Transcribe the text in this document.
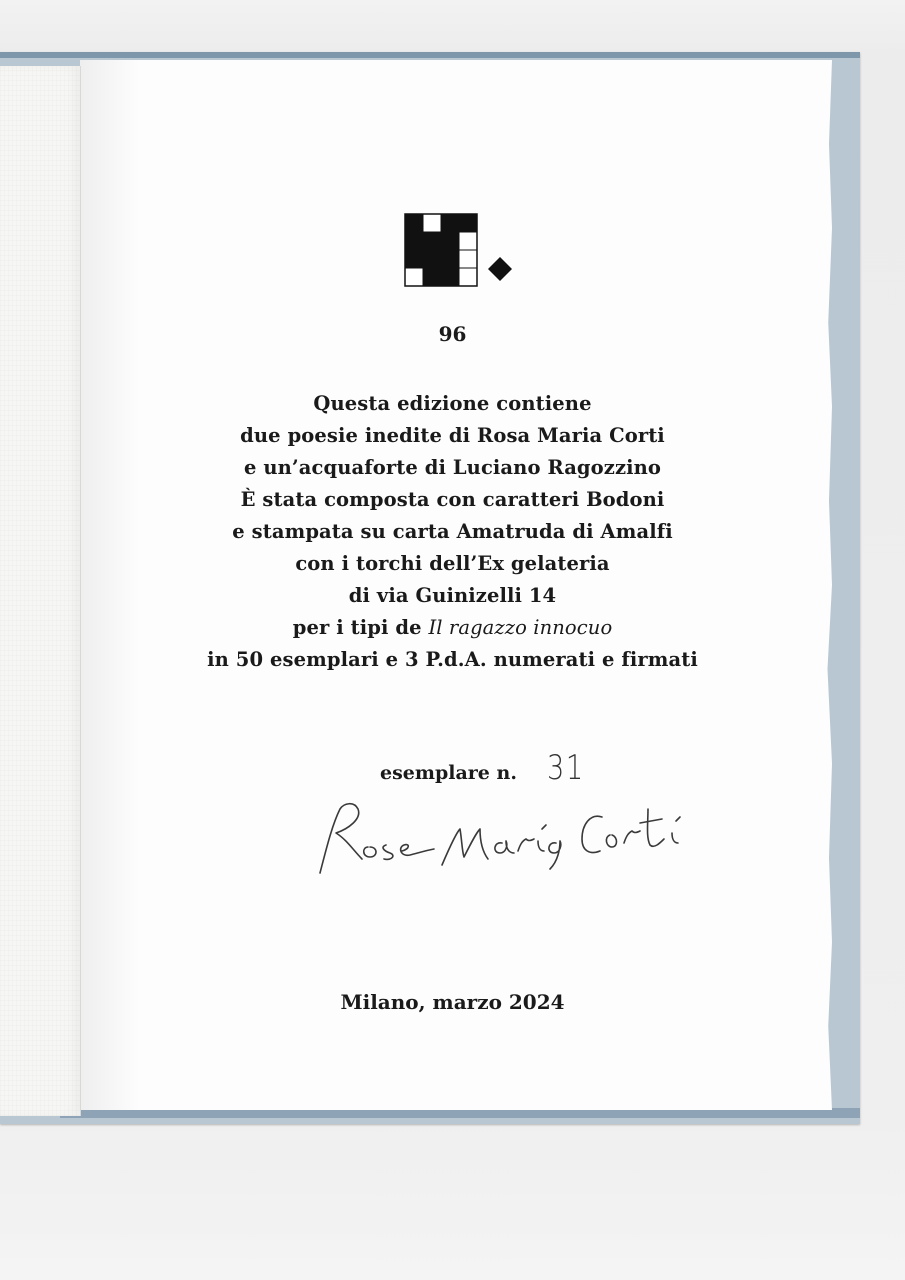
96
Questa edizione contiene
due poesie inedite di Rosa Maria Corti
e un’acquaforte di Luciano Ragozzino
È stata composta con caratteri Bodoni
e stampata su carta Amatruda di Amalfi
con i torchi dell’Ex gelateria
di via Guinizelli 14
per i tipi de Il ragazzo innocuo
in 50 esemplari e 3 P.d.A. numerati e firmati
esemplare n. 31
Milano, marzo 2024
